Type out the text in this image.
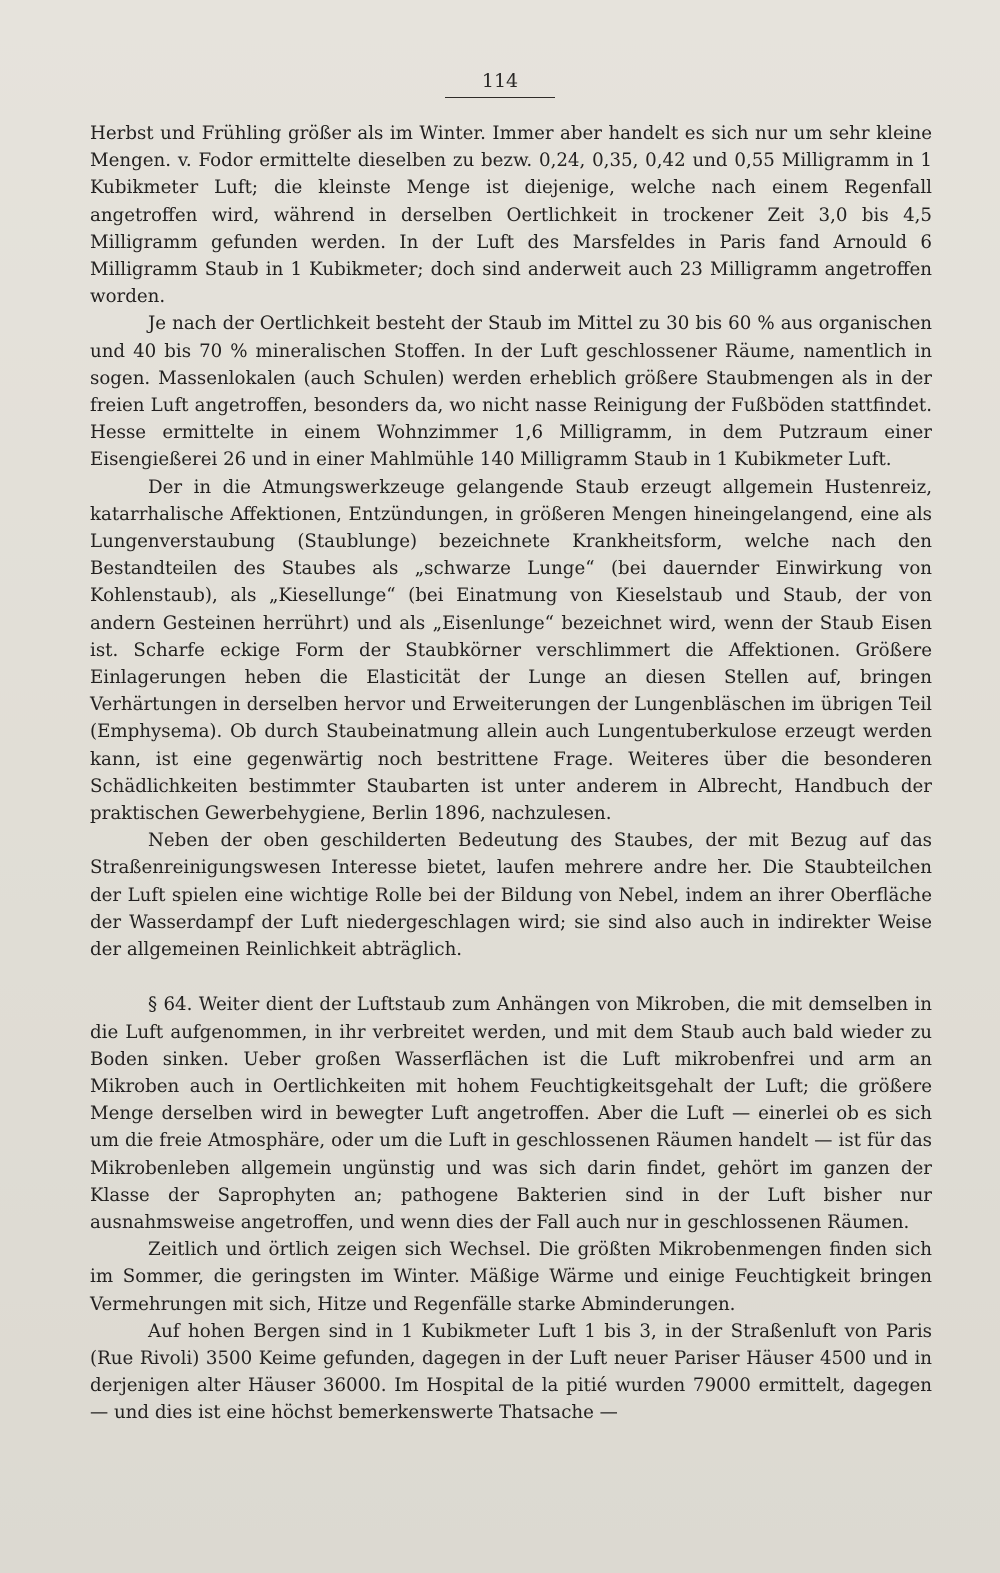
114

Herbst und Frühling größer als im Winter. Immer aber handelt es sich nur um sehr kleine Mengen. v. Fodor ermittelte dieselben zu bezw. 0,24, 0,35, 0,42 und 0,55 Milligramm in 1 Kubikmeter Luft; die kleinste Menge ist diejenige, welche nach einem Regenfall angetroffen wird, während in derselben Oertlichkeit in trockener Zeit 3,0 bis 4,5 Milligramm gefunden werden. In der Luft des Marsfeldes in Paris fand Arnould 6 Milligramm Staub in 1 Kubikmeter; doch sind anderweit auch 23 Milligramm angetroffen worden.

Je nach der Oertlichkeit besteht der Staub im Mittel zu 30 bis 60 % aus organischen und 40 bis 70 % mineralischen Stoffen. In der Luft geschlossener Räume, namentlich in sogen. Massenlokalen (auch Schulen) werden erheblich größere Staubmengen als in der freien Luft angetroffen, besonders da, wo nicht nasse Reinigung der Fußböden stattfindet. Hesse ermittelte in einem Wohnzimmer 1,6 Milligramm, in dem Putzraum einer Eisengießerei 26 und in einer Mahlmühle 140 Milligramm Staub in 1 Kubikmeter Luft.

Der in die Atmungswerkzeuge gelangende Staub erzeugt allgemein Hustenreiz, katarrhalische Affektionen, Entzündungen, in größeren Mengen hineingelangend, eine als Lungenverstaubung (Staublunge) bezeichnete Krankheitsform, welche nach den Bestandteilen des Staubes als „schwarze Lunge“ (bei dauernder Einwirkung von Kohlenstaub), als „Kiesellunge“ (bei Einatmung von Kieselstaub und Staub, der von andern Gesteinen herrührt) und als „Eisenlunge“ bezeichnet wird, wenn der Staub Eisen ist. Scharfe eckige Form der Staubkörner verschlimmert die Affektionen. Größere Einlagerungen heben die Elasticität der Lunge an diesen Stellen auf, bringen Verhärtungen in derselben hervor und Erweiterungen der Lungenbläschen im übrigen Teil (Emphysema). Ob durch Staubeinatmung allein auch Lungentuberkulose erzeugt werden kann, ist eine gegenwärtig noch bestrittene Frage. Weiteres über die besonderen Schädlichkeiten bestimmter Staubarten ist unter anderem in Albrecht, Handbuch der praktischen Gewerbehygiene, Berlin 1896, nachzulesen.

Neben der oben geschilderten Bedeutung des Staubes, der mit Bezug auf das Straßenreinigungswesen Interesse bietet, laufen mehrere andre her. Die Staubteilchen der Luft spielen eine wichtige Rolle bei der Bildung von Nebel, indem an ihrer Oberfläche der Wasserdampf der Luft niedergeschlagen wird; sie sind also auch in indirekter Weise der allgemeinen Reinlichkeit abträglich.

§ 64. Weiter dient der Luftstaub zum Anhängen von Mikroben, die mit demselben in die Luft aufgenommen, in ihr verbreitet werden, und mit dem Staub auch bald wieder zu Boden sinken. Ueber großen Wasserflächen ist die Luft mikrobenfrei und arm an Mikroben auch in Oertlichkeiten mit hohem Feuchtigkeitsgehalt der Luft; die größere Menge derselben wird in bewegter Luft angetroffen. Aber die Luft — einerlei ob es sich um die freie Atmosphäre, oder um die Luft in geschlossenen Räumen handelt — ist für das Mikrobenleben allgemein ungünstig und was sich darin findet, gehört im ganzen der Klasse der Saprophyten an; pathogene Bakterien sind in der Luft bisher nur ausnahmsweise angetroffen, und wenn dies der Fall auch nur in geschlossenen Räumen.

Zeitlich und örtlich zeigen sich Wechsel. Die größten Mikrobenmengen finden sich im Sommer, die geringsten im Winter. Mäßige Wärme und einige Feuchtigkeit bringen Vermehrungen mit sich, Hitze und Regenfälle starke Abminderungen.

Auf hohen Bergen sind in 1 Kubikmeter Luft 1 bis 3, in der Straßenluft von Paris (Rue Rivoli) 3500 Keime gefunden, dagegen in der Luft neuer Pariser Häuser 4500 und in derjenigen alter Häuser 36000. Im Hospital de la pitié wurden 79000 ermittelt, dagegen — und dies ist eine höchst bemerkenswerte Thatsache —
